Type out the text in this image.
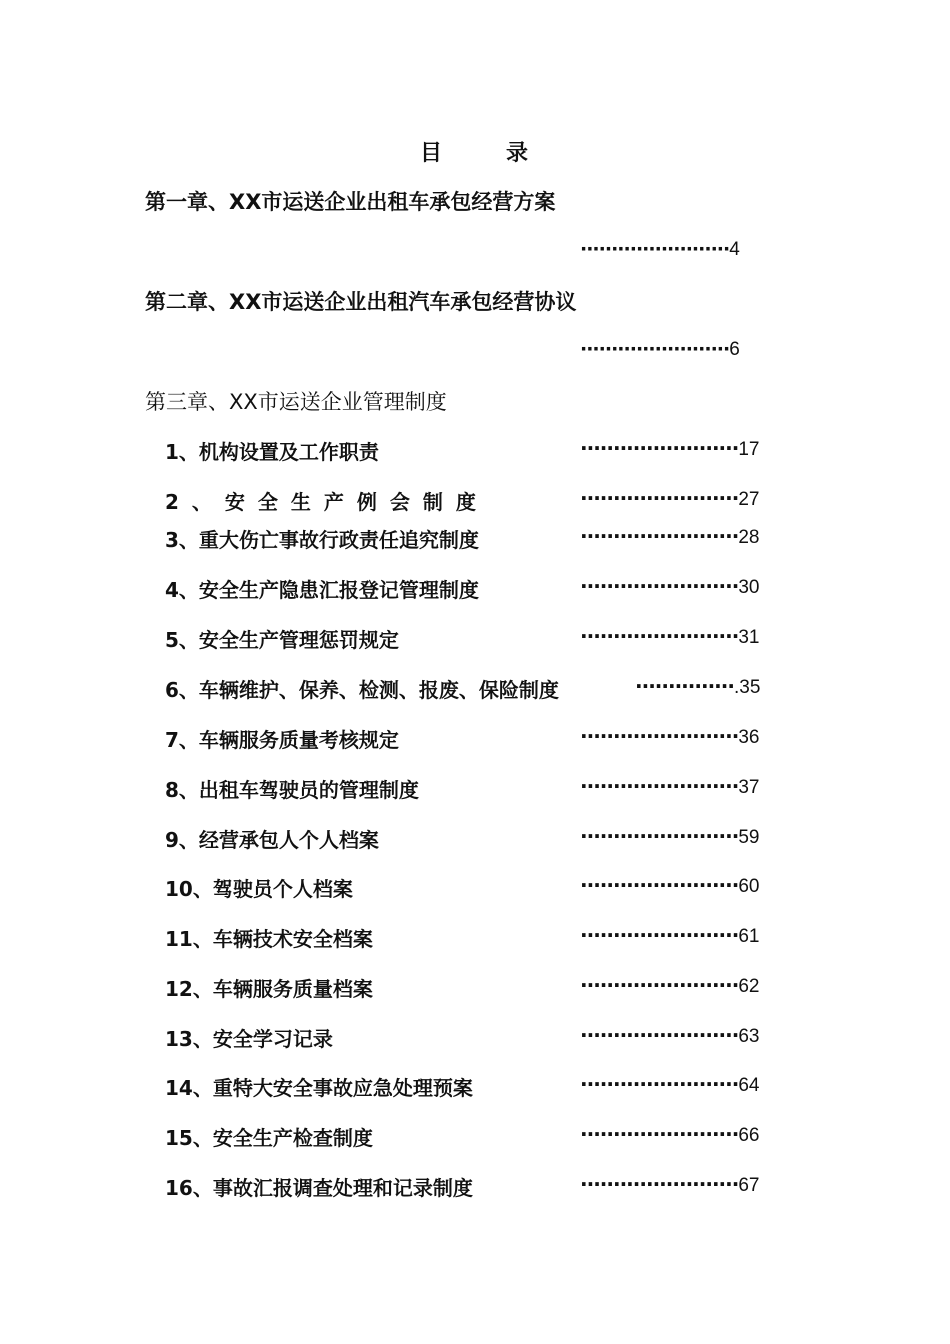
目	录
第一章、XX市运送企业出租车承包经营方案
························4
第二章、XX市运送企业出租汽车承包经营协议
························6
第三章、XX市运送企业管理制度
1、机构设置及工作职责	························17
2、安全生产例会制度	························27
3、重大伤亡事故行政责任追究制度	························28
4、安全生产隐患汇报登记管理制度	························30
5、安全生产管理惩罚规定	························31
6、车辆维护、保养、检测、报废、保险制度	···············.35
7、车辆服务质量考核规定	························36
8、出租车驾驶员的管理制度	························37
9、经营承包人个人档案	························59
10、驾驶员个人档案	························60
11、车辆技术安全档案	························61
12、车辆服务质量档案	························62
13、安全学习记录	························63
14、重特大安全事故应急处理预案	························64
15、安全生产检查制度	························66
16、事故汇报调查处理和记录制度	························67
